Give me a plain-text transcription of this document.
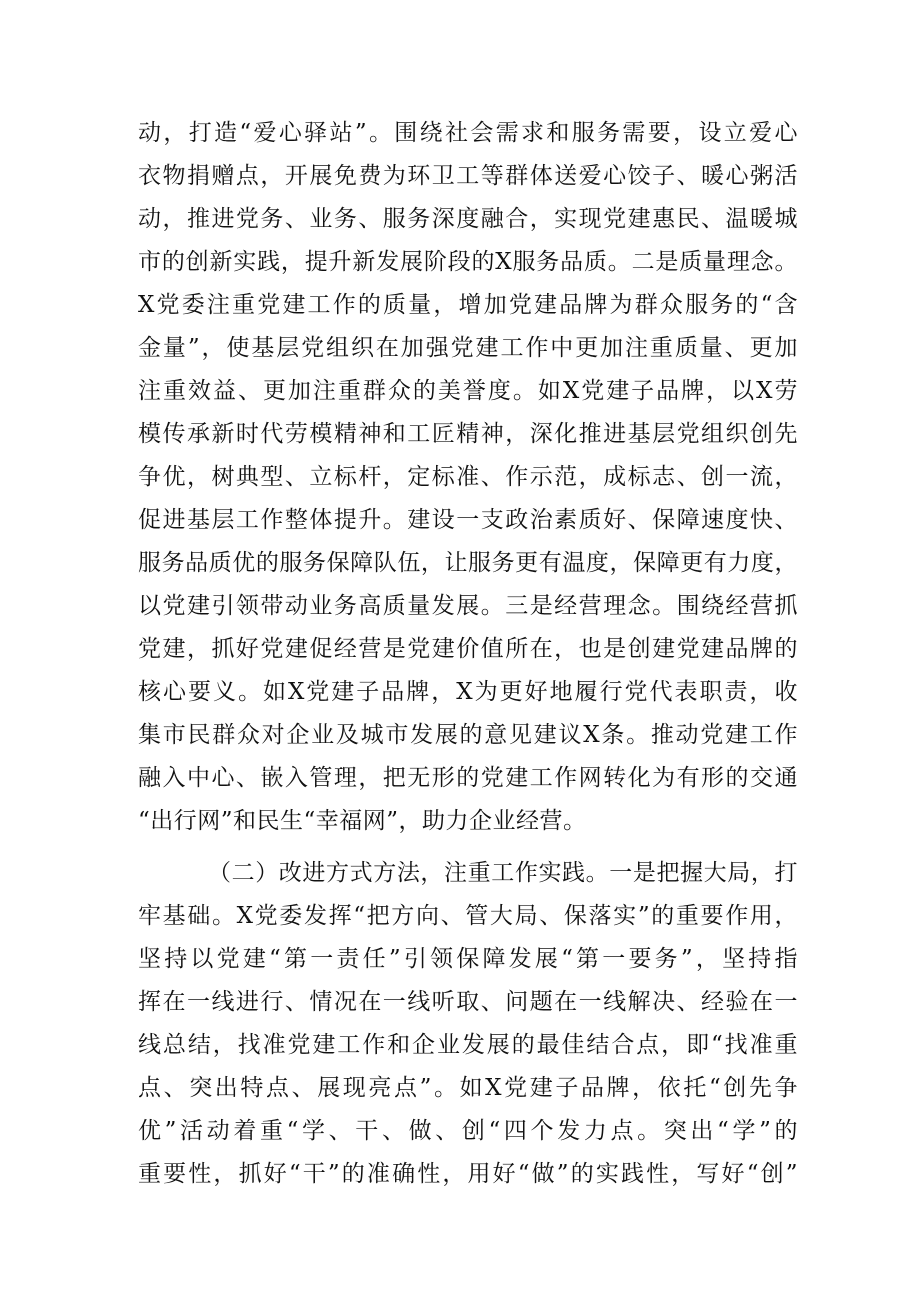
动，打造“爱心驿站”。围绕社会需求和服务需要，设立爱心
衣物捐赠点，开展免费为环卫工等群体送爱心饺子、暖心粥活
动，推进党务、业务、服务深度融合，实现党建惠民、温暖城
市的创新实践，提升新发展阶段的X服务品质。二是质量理念。
X党委注重党建工作的质量，增加党建品牌为群众服务的“含
金量”，使基层党组织在加强党建工作中更加注重质量、更加
注重效益、更加注重群众的美誉度。如X党建子品牌，以X劳
模传承新时代劳模精神和工匠精神，深化推进基层党组织创先
争优，树典型、立标杆，定标准、作示范，成标志、创一流，
促进基层工作整体提升。建设一支政治素质好、保障速度快、
服务品质优的服务保障队伍，让服务更有温度，保障更有力度，
以党建引领带动业务高质量发展。三是经营理念。围绕经营抓
党建，抓好党建促经营是党建价值所在，也是创建党建品牌的
核心要义。如X党建子品牌，X为更好地履行党代表职责，收
集市民群众对企业及城市发展的意见建议X条。推动党建工作
融入中心、嵌入管理，把无形的党建工作网转化为有形的交通
“出行网”和民生“幸福网”，助力企业经营。
（二）改进方式方法，注重工作实践。一是把握大局，打
牢基础。X党委发挥“把方向、管大局、保落实”的重要作用，
坚持以党建“第一责任”引领保障发展“第一要务”，坚持指
挥在一线进行、情况在一线听取、问题在一线解决、经验在一
线总结，找准党建工作和企业发展的最佳结合点，即“找准重
点、突出特点、展现亮点”。如X党建子品牌，依托“创先争
优”活动着重“学、干、做、创“四个发力点。突出“学”的
重要性，抓好“干”的准确性，用好“做”的实践性，写好“创”
